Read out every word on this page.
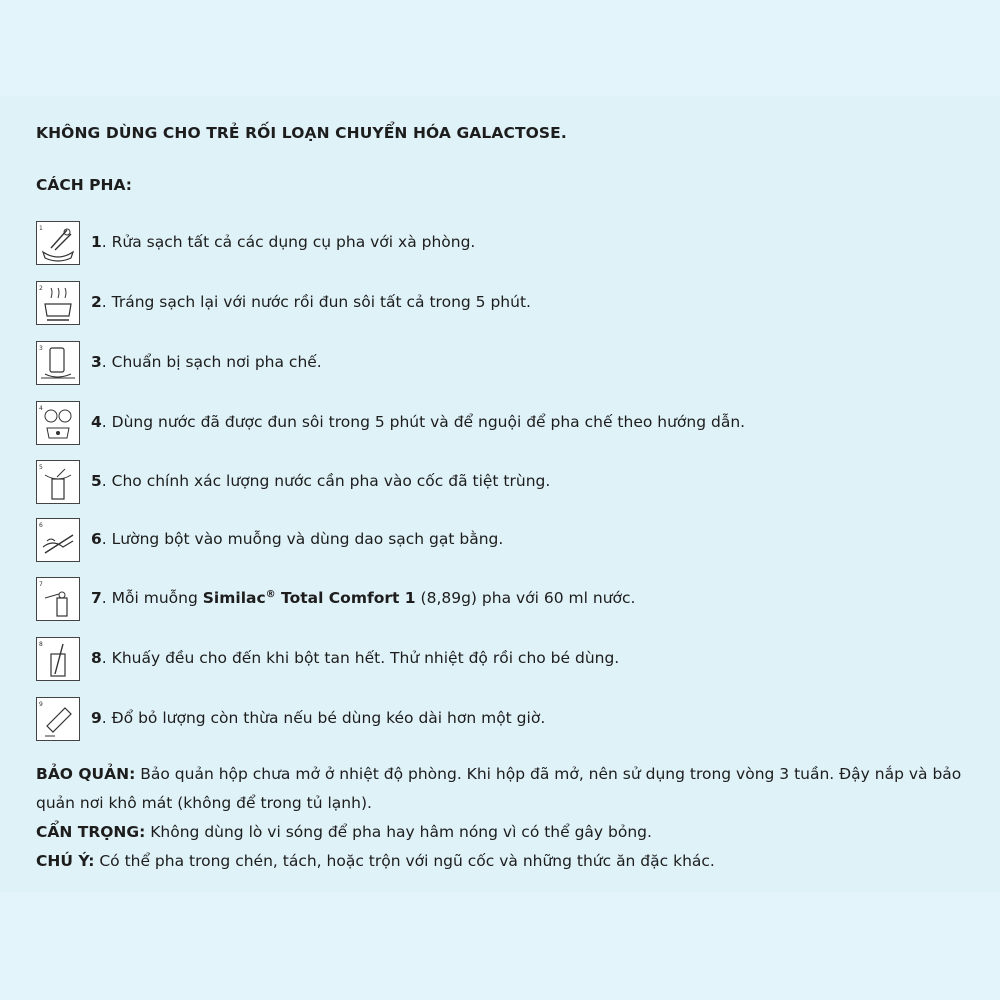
KHÔNG DÙNG CHO TRẺ RỐI LOẠN CHUYỂN HÓA GALACTOSE.
CÁCH PHA:
1
1. Rửa sạch tất cả các dụng cụ pha với xà phòng.
2
2. Tráng sạch lại với nước rồi đun sôi tất cả trong 5 phút.
3
3. Chuẩn bị sạch nơi pha chế.
4
4. Dùng nước đã được đun sôi trong 5 phút và để nguội để pha chế theo hướng dẫn.
5
5. Cho chính xác lượng nước cần pha vào cốc đã tiệt trùng.
6
6. Lường bột vào muỗng và dùng dao sạch gạt bằng.
7
7. Mỗi muỗng Similac® Total Comfort 1 (8,89g) pha với 60 ml nước.
8
8. Khuấy đều cho đến khi bột tan hết. Thử nhiệt độ rồi cho bé dùng.
9
9. Đổ bỏ lượng còn thừa nếu bé dùng kéo dài hơn một giờ.
BẢO QUẢN: Bảo quản hộp chưa mở ở nhiệt độ phòng. Khi hộp đã mở, nên sử dụng trong vòng 3 tuần. Đậy nắp và bảo quản nơi khô mát (không để trong tủ lạnh).
CẨN TRỌNG: Không dùng lò vi sóng để pha hay hâm nóng vì có thể gây bỏng.
CHÚ Ý: Có thể pha trong chén, tách, hoặc trộn với ngũ cốc và những thức ăn đặc khác.
